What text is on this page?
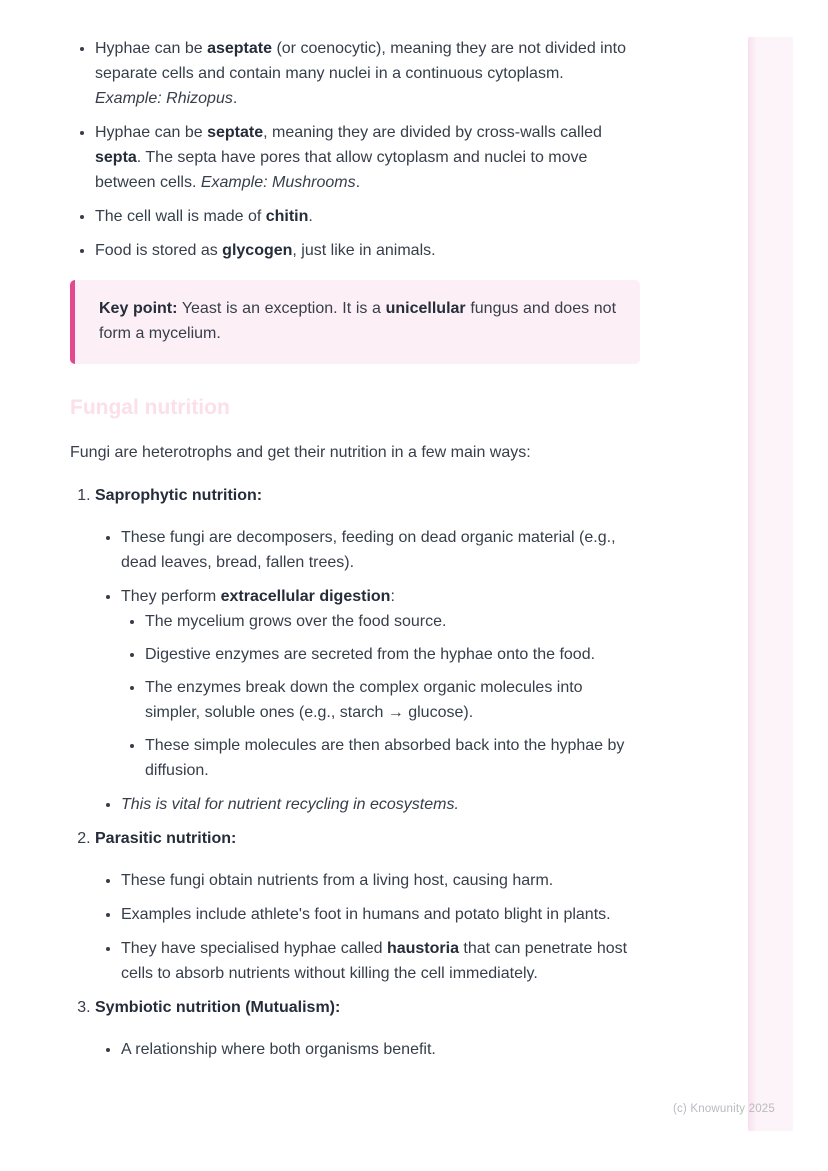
• Hyphae can be aseptate (or coenocytic), meaning they are not divided into separate cells and contain many nuclei in a continuous cytoplasm.
Example: Rhizopus.
• Hyphae can be septate, meaning they are divided by cross-walls called septa. The septa have pores that allow cytoplasm and nuclei to move between cells. Example: Mushrooms.
• The cell wall is made of chitin.
• Food is stored as glycogen, just like in animals.

Key point: Yeast is an exception. It is a unicellular fungus and does not form a mycelium.

Fungal nutrition

Fungi are heterotrophs and get their nutrition in a few main ways:

1. Saprophytic nutrition:
• These fungi are decomposers, feeding on dead organic material (e.g., dead leaves, bread, fallen trees).
• They perform extracellular digestion:
• The mycelium grows over the food source.
• Digestive enzymes are secreted from the hyphae onto the food.
• The enzymes break down the complex organic molecules into simpler, soluble ones (e.g., starch → glucose).
• These simple molecules are then absorbed back into the hyphae by diffusion.
• This is vital for nutrient recycling in ecosystems.
2. Parasitic nutrition:
• These fungi obtain nutrients from a living host, causing harm.
• Examples include athlete's foot in humans and potato blight in plants.
• They have specialised hyphae called haustoria that can penetrate host cells to absorb nutrients without killing the cell immediately.
3. Symbiotic nutrition (Mutualism):
• A relationship where both organisms benefit.
(c) Knowunity 2025
